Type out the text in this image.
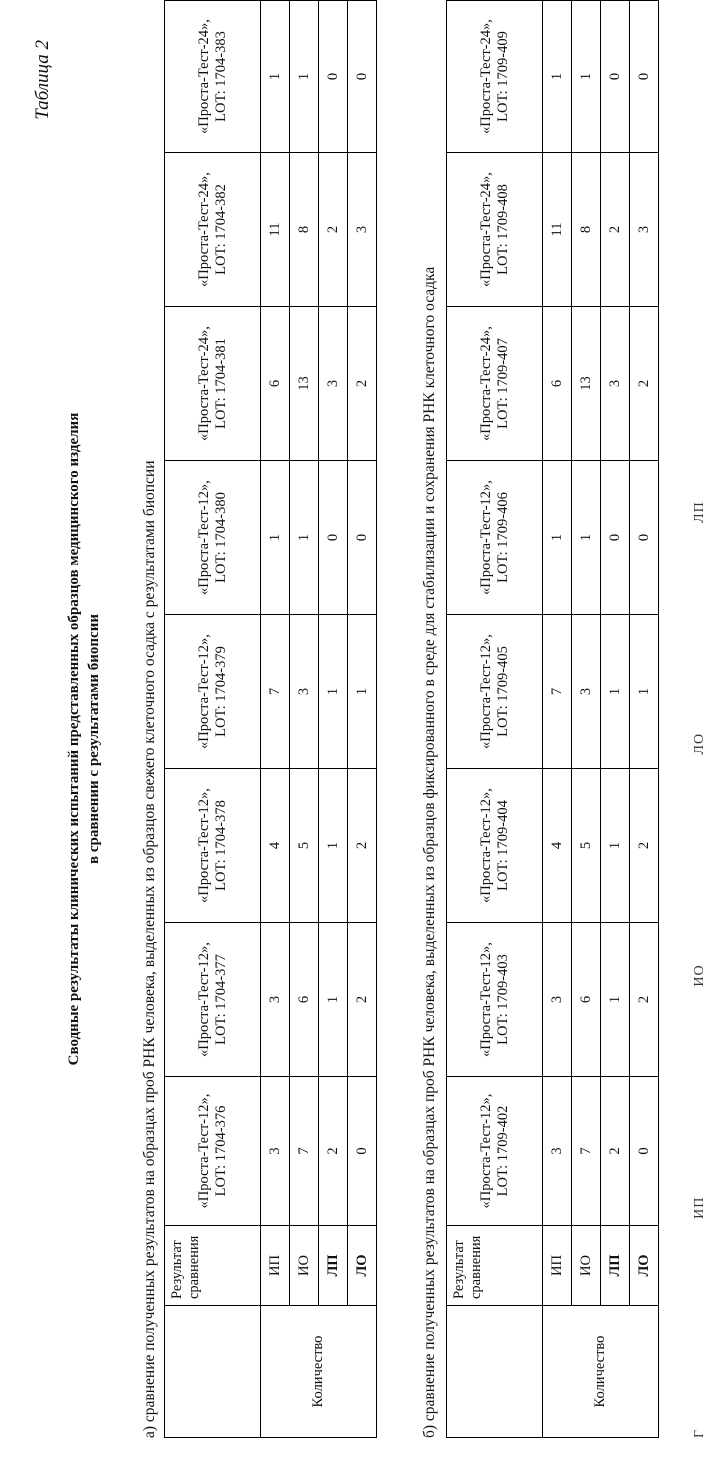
Таблица 2
Сводные результаты клинических испытаний представленных образцов медицинского изделия в сравнении с результатами биопсии	а) сравнение полученных результатов на образцах проб РНК человека, выделенных из образцов свежего клеточного осадка с результатами биопсии
	Результат сравнения	«Проста-Тест-12», LOT: 1704-376	«Проста-Тест-12», LOT: 1704-377	«Проста-Тест-12», LOT: 1704-378	«Проста-Тест-12», LOT: 1704-379	«Проста-Тест-12», LOT: 1704-380	«Проста-Тест-24», LOT: 1704-381	«Проста-Тест-24», LOT: 1704-382	«Проста-Тест-24», LOT: 1704-383
Количество	ИП	3	3	4	7	1	6	11	1
	ИО	7	6	5	3	1	13	8	1
	ЛП	2	1	1	1	0	3	2	0
	ЛО	0	2	2	1	0	2	3	0
б) сравнение полученных результатов на образцах проб РНК человека, выделенных из образцов фиксированного в среде для стабилизации и сохранения РНК клеточного осадка
	Результат сравнения	«Проста-Тест-12», LOT: 1709-402	«Проста-Тест-12», LOT: 1709-403	«Проста-Тест-12», LOT: 1709-404	«Проста-Тест-12», LOT: 1709-405	«Проста-Тест-12», LOT: 1709-406	«Проста-Тест-24», LOT: 1709-407	«Проста-Тест-24», LOT: 1709-408	«Проста-Тест-24», LOT: 1709-409
Количество	ИП	3	3	4	7	1	6	11	1
	ИО	7	6	5	3	1	13	8	1
	ЛП	2	1	1	1	0	3	2	0
	ЛО	0	2	2	1	0	2	3	0
ГИПИОЛОЛП
